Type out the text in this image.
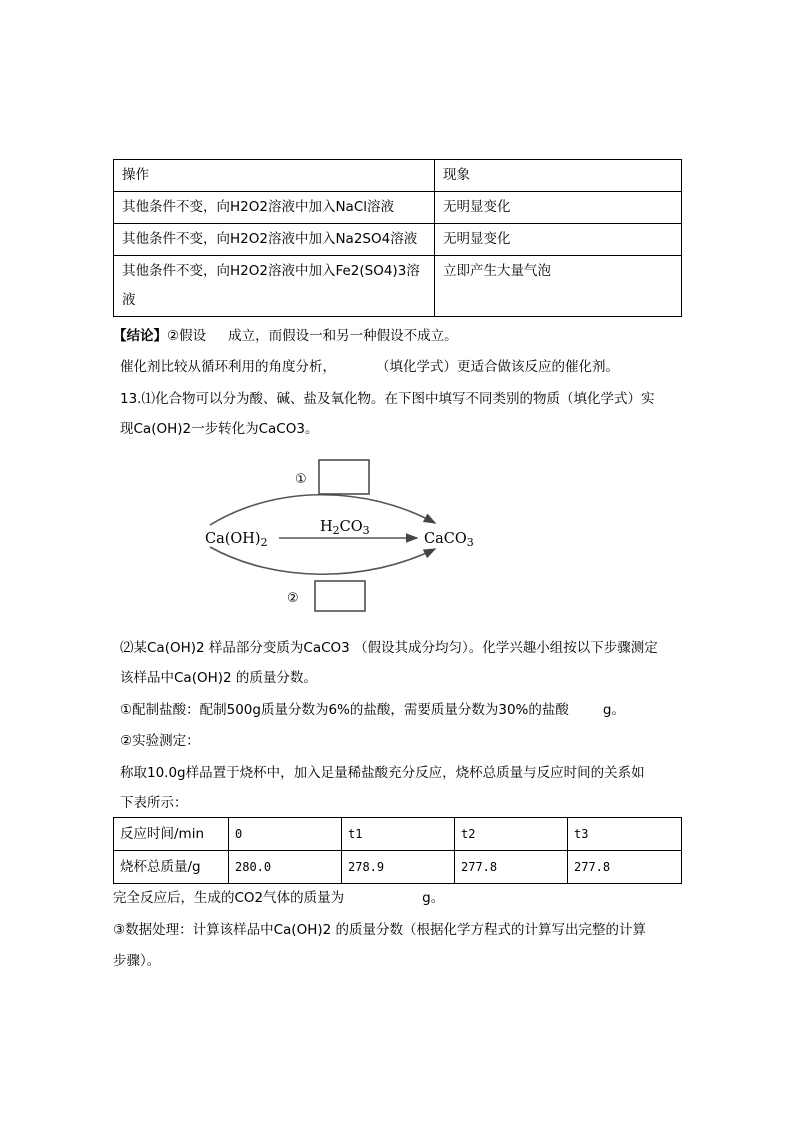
操作	现象
其他条件不变，向H2O2溶液中加入NaCl溶液	无明显变化
其他条件不变，向H2O2溶液中加入Na2SO4溶液	无明显变化

其他条件不变，向H2O2溶液中加入Fe2(SO4)3溶
液	立即产生大量气泡
【结论】②假设 成立，而假设一和另一种假设不成立。
催化剂比较从循环利用的角度分析，	（填化学式）更适合做该反应的催化剂。
13.⑴化合物可以分为酸、碱、盐及氧化物。在下图中填写不同类别的物质（填化学式）实
现Ca(OH)2一步转化为CaCO3。
①
②
$Ca(OH)_2$
$H_2CO_3$
CaCO$_3$
⑵某Ca(OH)2 样品部分变质为CaCO3 （假设其成分均匀）。化学兴趣小组按以下步骤测定
该样品中Ca(OH)2 的质量分数。
①配制盐酸：配制500g质量分数为6%的盐酸，需要质量分数为30%的盐酸	g。
②实验测定：
称取10.0g样品置于烧杯中，加入足量稀盐酸充分反应，烧杯总质量与反应时间的关系如
下表所示：
反应时间/min	0	t1	t2	t3
烧杯总质量/g	280.0	278.9	277.8	277.8
完全反应后，生成的CO2气体的质量为	g。
③数据处理：计算该样品中Ca(OH)2 的质量分数（根据化学方程式的计算写出完整的计算
步骤）。
